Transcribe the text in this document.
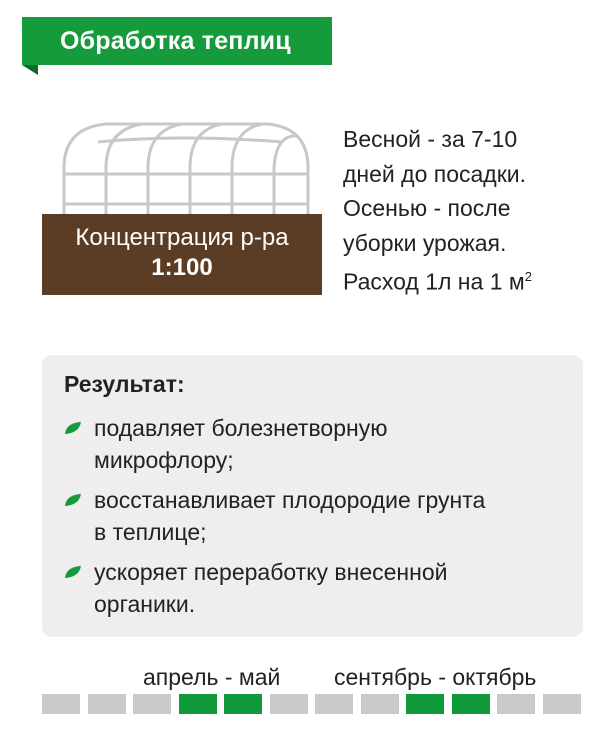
Обработка теплиц
Концентрация р-ра
1:100
Весной - за 7-10
дней до посадки.
Осенью - после
уборки урожая.
Расход 1л на 1 $м^2$
Результат:
подавляет болезнетворную
микрофлору;
восстанавливает плодородие грунта
в теплице;
ускоряет переработку внесенной
органики.
апрель - май сентябрь - октябрь
